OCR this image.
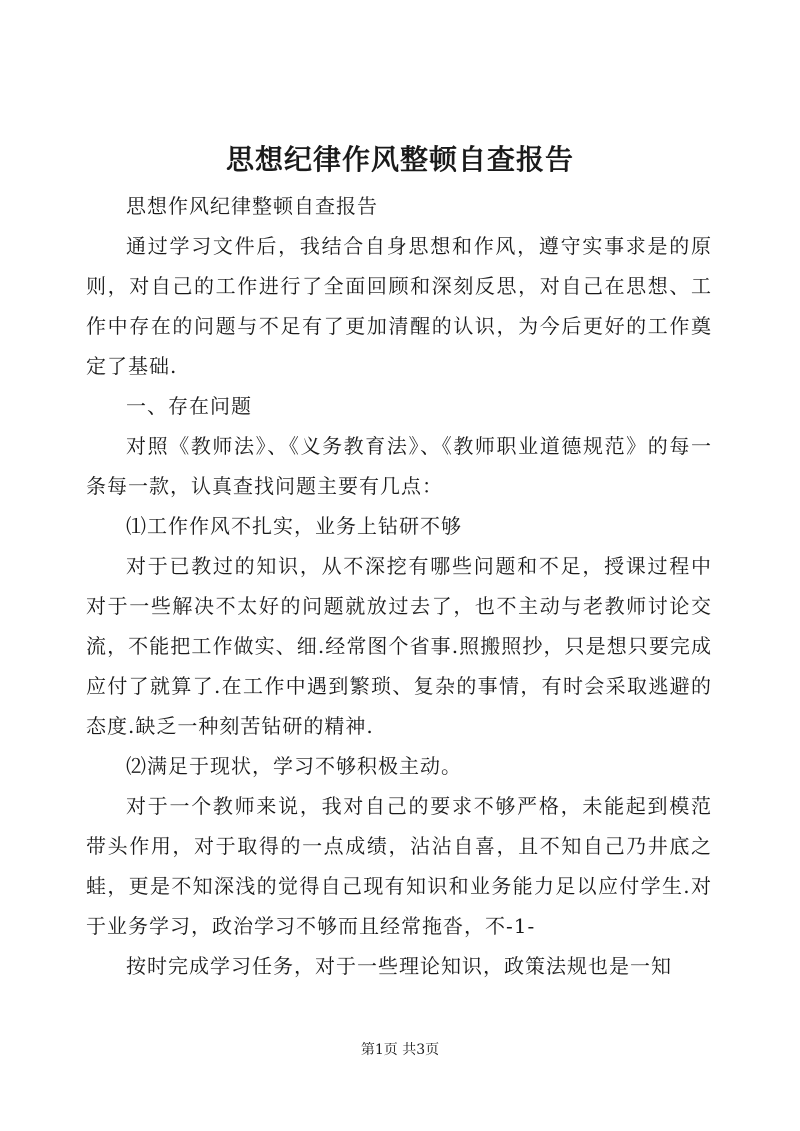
思想纪律作风整顿自查报告

思想作风纪律整顿自查报告

通过学习文件后，我结合自身思想和作风，遵守实事求是的原则，对自己的工作进行了全面回顾和深刻反思，对自己在思想、工作中存在的问题与不足有了更加清醒的认识，为今后更好的工作奠定了基础.

一、存在问题

对照《教师法》、《义务教育法》、《教师职业道德规范》的每一条每一款，认真查找问题主要有几点：

⑴工作作风不扎实，业务上钻研不够

对于已教过的知识，从不深挖有哪些问题和不足，授课过程中对于一些解决不太好的问题就放过去了，也不主动与老教师讨论交流，不能把工作做实、细.经常图个省事.照搬照抄，只是想只要完成应付了就算了.在工作中遇到繁琐、复杂的事情，有时会采取逃避的态度.缺乏一种刻苦钻研的精神.

⑵满足于现状，学习不够积极主动。

对于一个教师来说，我对自己的要求不够严格，未能起到模范带头作用，对于取得的一点成绩，沾沾自喜，且不知自己乃井底之蛙，更是不知深浅的觉得自己现有知识和业务能力足以应付学生.对于业务学习，政治学习不够而且经常拖沓，不-1-

按时完成学习任务，对于一些理论知识，政策法规也是一知

第1页 共3页
